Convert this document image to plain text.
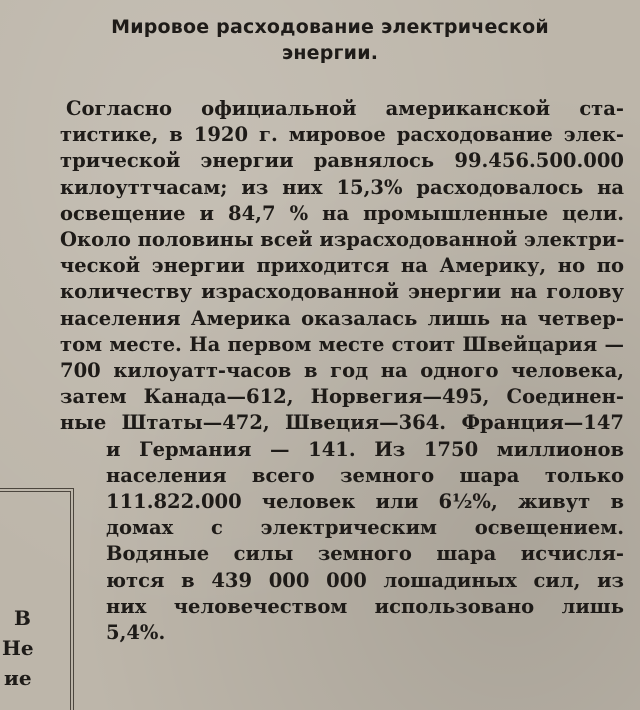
Мировое расходование электрической
энергии.
Согласно официальной американской ста-
тистике, в 1920 г. мировое расходование элек-
трической энергии равнялось 99.456.500.000
килоуттчасам; из них 15,3% расходовалось на
освещение и 84,7 % на промышленные цели.
Около половины всей израсходованной электри-
ческой энергии приходится на Америку, но по
количеству израсходованной энергии на голову
населения Америка оказалась лишь на четвер-
том месте. На первом месте стоит Швейцария —
700 килоуатт-часов в год на одного человека,
затем Канада—612, Норвегия—495, Соединен-
ные Штаты—472, Швеция—364. Франция—147
и Германия — 141. Из 1750 миллионов
населения всего земного шара только
111.822.000 человек или 6½%, живут в
домах с электрическим освещением.
Водяные силы земного шара исчисля-
ются в 439 000 000 лошадиных сил, из
них человечеством использовано лишь
5,4%.
В
Не
ие
